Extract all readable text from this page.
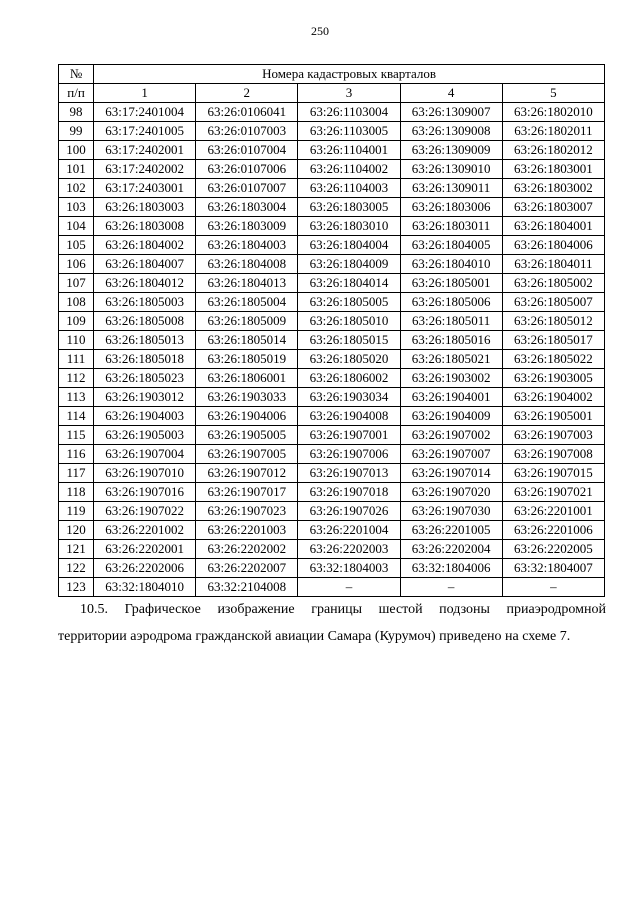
250
№	Номера кадастровых кварталов				
п/п	1	2	3	4	5
98	63:17:2401004	63:26:0106041	63:26:1103004	63:26:1309007	63:26:1802010
99	63:17:2401005	63:26:0107003	63:26:1103005	63:26:1309008	63:26:1802011
100	63:17:2402001	63:26:0107004	63:26:1104001	63:26:1309009	63:26:1802012
101	63:17:2402002	63:26:0107006	63:26:1104002	63:26:1309010	63:26:1803001
102	63:17:2403001	63:26:0107007	63:26:1104003	63:26:1309011	63:26:1803002
103	63:26:1803003	63:26:1803004	63:26:1803005	63:26:1803006	63:26:1803007
104	63:26:1803008	63:26:1803009	63:26:1803010	63:26:1803011	63:26:1804001
105	63:26:1804002	63:26:1804003	63:26:1804004	63:26:1804005	63:26:1804006
106	63:26:1804007	63:26:1804008	63:26:1804009	63:26:1804010	63:26:1804011
107	63:26:1804012	63:26:1804013	63:26:1804014	63:26:1805001	63:26:1805002
108	63:26:1805003	63:26:1805004	63:26:1805005	63:26:1805006	63:26:1805007
109	63:26:1805008	63:26:1805009	63:26:1805010	63:26:1805011	63:26:1805012
110	63:26:1805013	63:26:1805014	63:26:1805015	63:26:1805016	63:26:1805017
111	63:26:1805018	63:26:1805019	63:26:1805020	63:26:1805021	63:26:1805022
112	63:26:1805023	63:26:1806001	63:26:1806002	63:26:1903002	63:26:1903005
113	63:26:1903012	63:26:1903033	63:26:1903034	63:26:1904001	63:26:1904002
114	63:26:1904003	63:26:1904006	63:26:1904008	63:26:1904009	63:26:1905001
115	63:26:1905003	63:26:1905005	63:26:1907001	63:26:1907002	63:26:1907003
116	63:26:1907004	63:26:1907005	63:26:1907006	63:26:1907007	63:26:1907008
117	63:26:1907010	63:26:1907012	63:26:1907013	63:26:1907014	63:26:1907015
118	63:26:1907016	63:26:1907017	63:26:1907018	63:26:1907020	63:26:1907021
119	63:26:1907022	63:26:1907023	63:26:1907026	63:26:1907030	63:26:2201001
120	63:26:2201002	63:26:2201003	63:26:2201004	63:26:2201005	63:26:2201006
121	63:26:2202001	63:26:2202002	63:26:2202003	63:26:2202004	63:26:2202005
122	63:26:2202006	63:26:2202007	63:32:1804003	63:32:1804006	63:32:1804007
123	63:32:1804010	63:32:2104008	–	–	–
10.5. Графическое изображение границы шестой подзоны приаэродромной
территории аэродрома гражданской авиации Самара (Курумоч) приведено на схеме 7.
